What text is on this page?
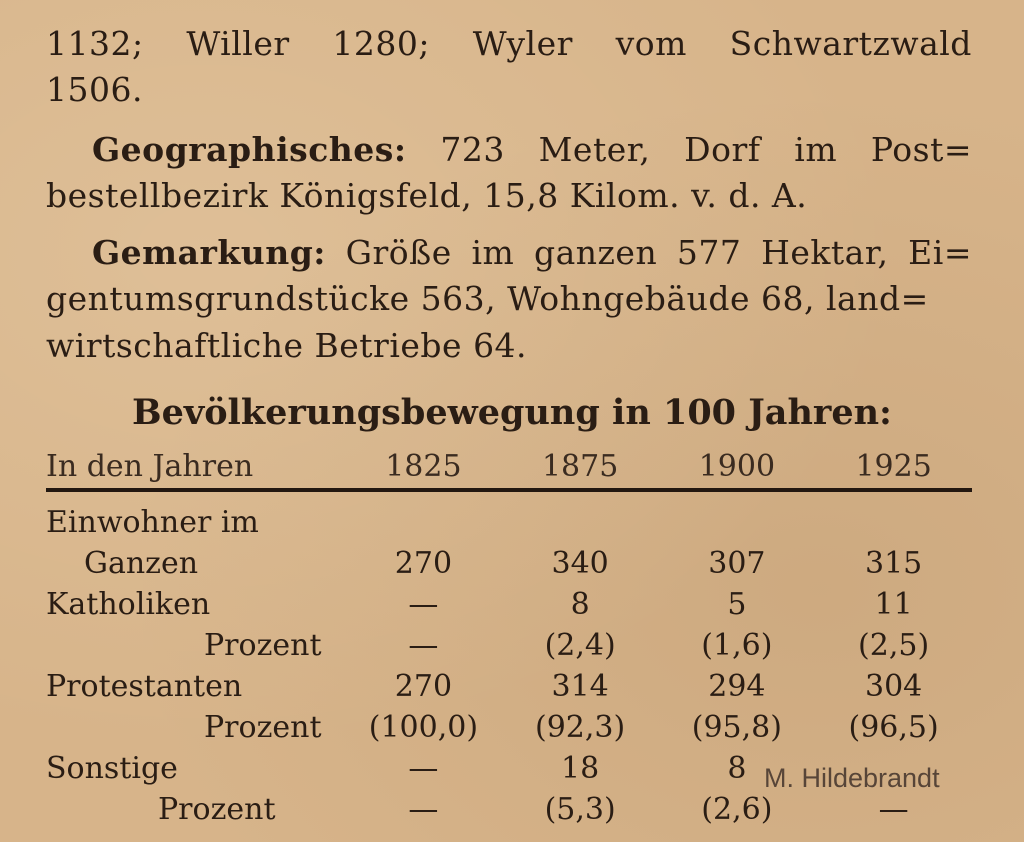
1132; Willer 1280; Wyler vom Schwartzwald
1506.
Geographisches: 723 Meter, Dorf im Post=
bestellbezirk Königsfeld, 15,8 Kilom. v. d. A.
Gemarkung: Größe im ganzen 577 Hektar, Ei=
gentumsgrundstücke 563, Wohngebäude 68, land=
wirtschaftliche Betriebe 64.
Bevölkerungsbewegung in 100 Jahren:
In den Jahren	1825	1875	1900	1925

Einwohner im				
Ganzen	270	340	307	315
Katholiken	—	8	5	11
Prozent	—	(2,4)	(1,6)	(2,5)
Protestanten	270	314	294	304
Prozent	(100,0)	(92,3)	(95,8)	(96,5)
Sonstige	—	18	8	
Prozent	—	(5,3)	(2,6)	—
M. Hildebrandt
